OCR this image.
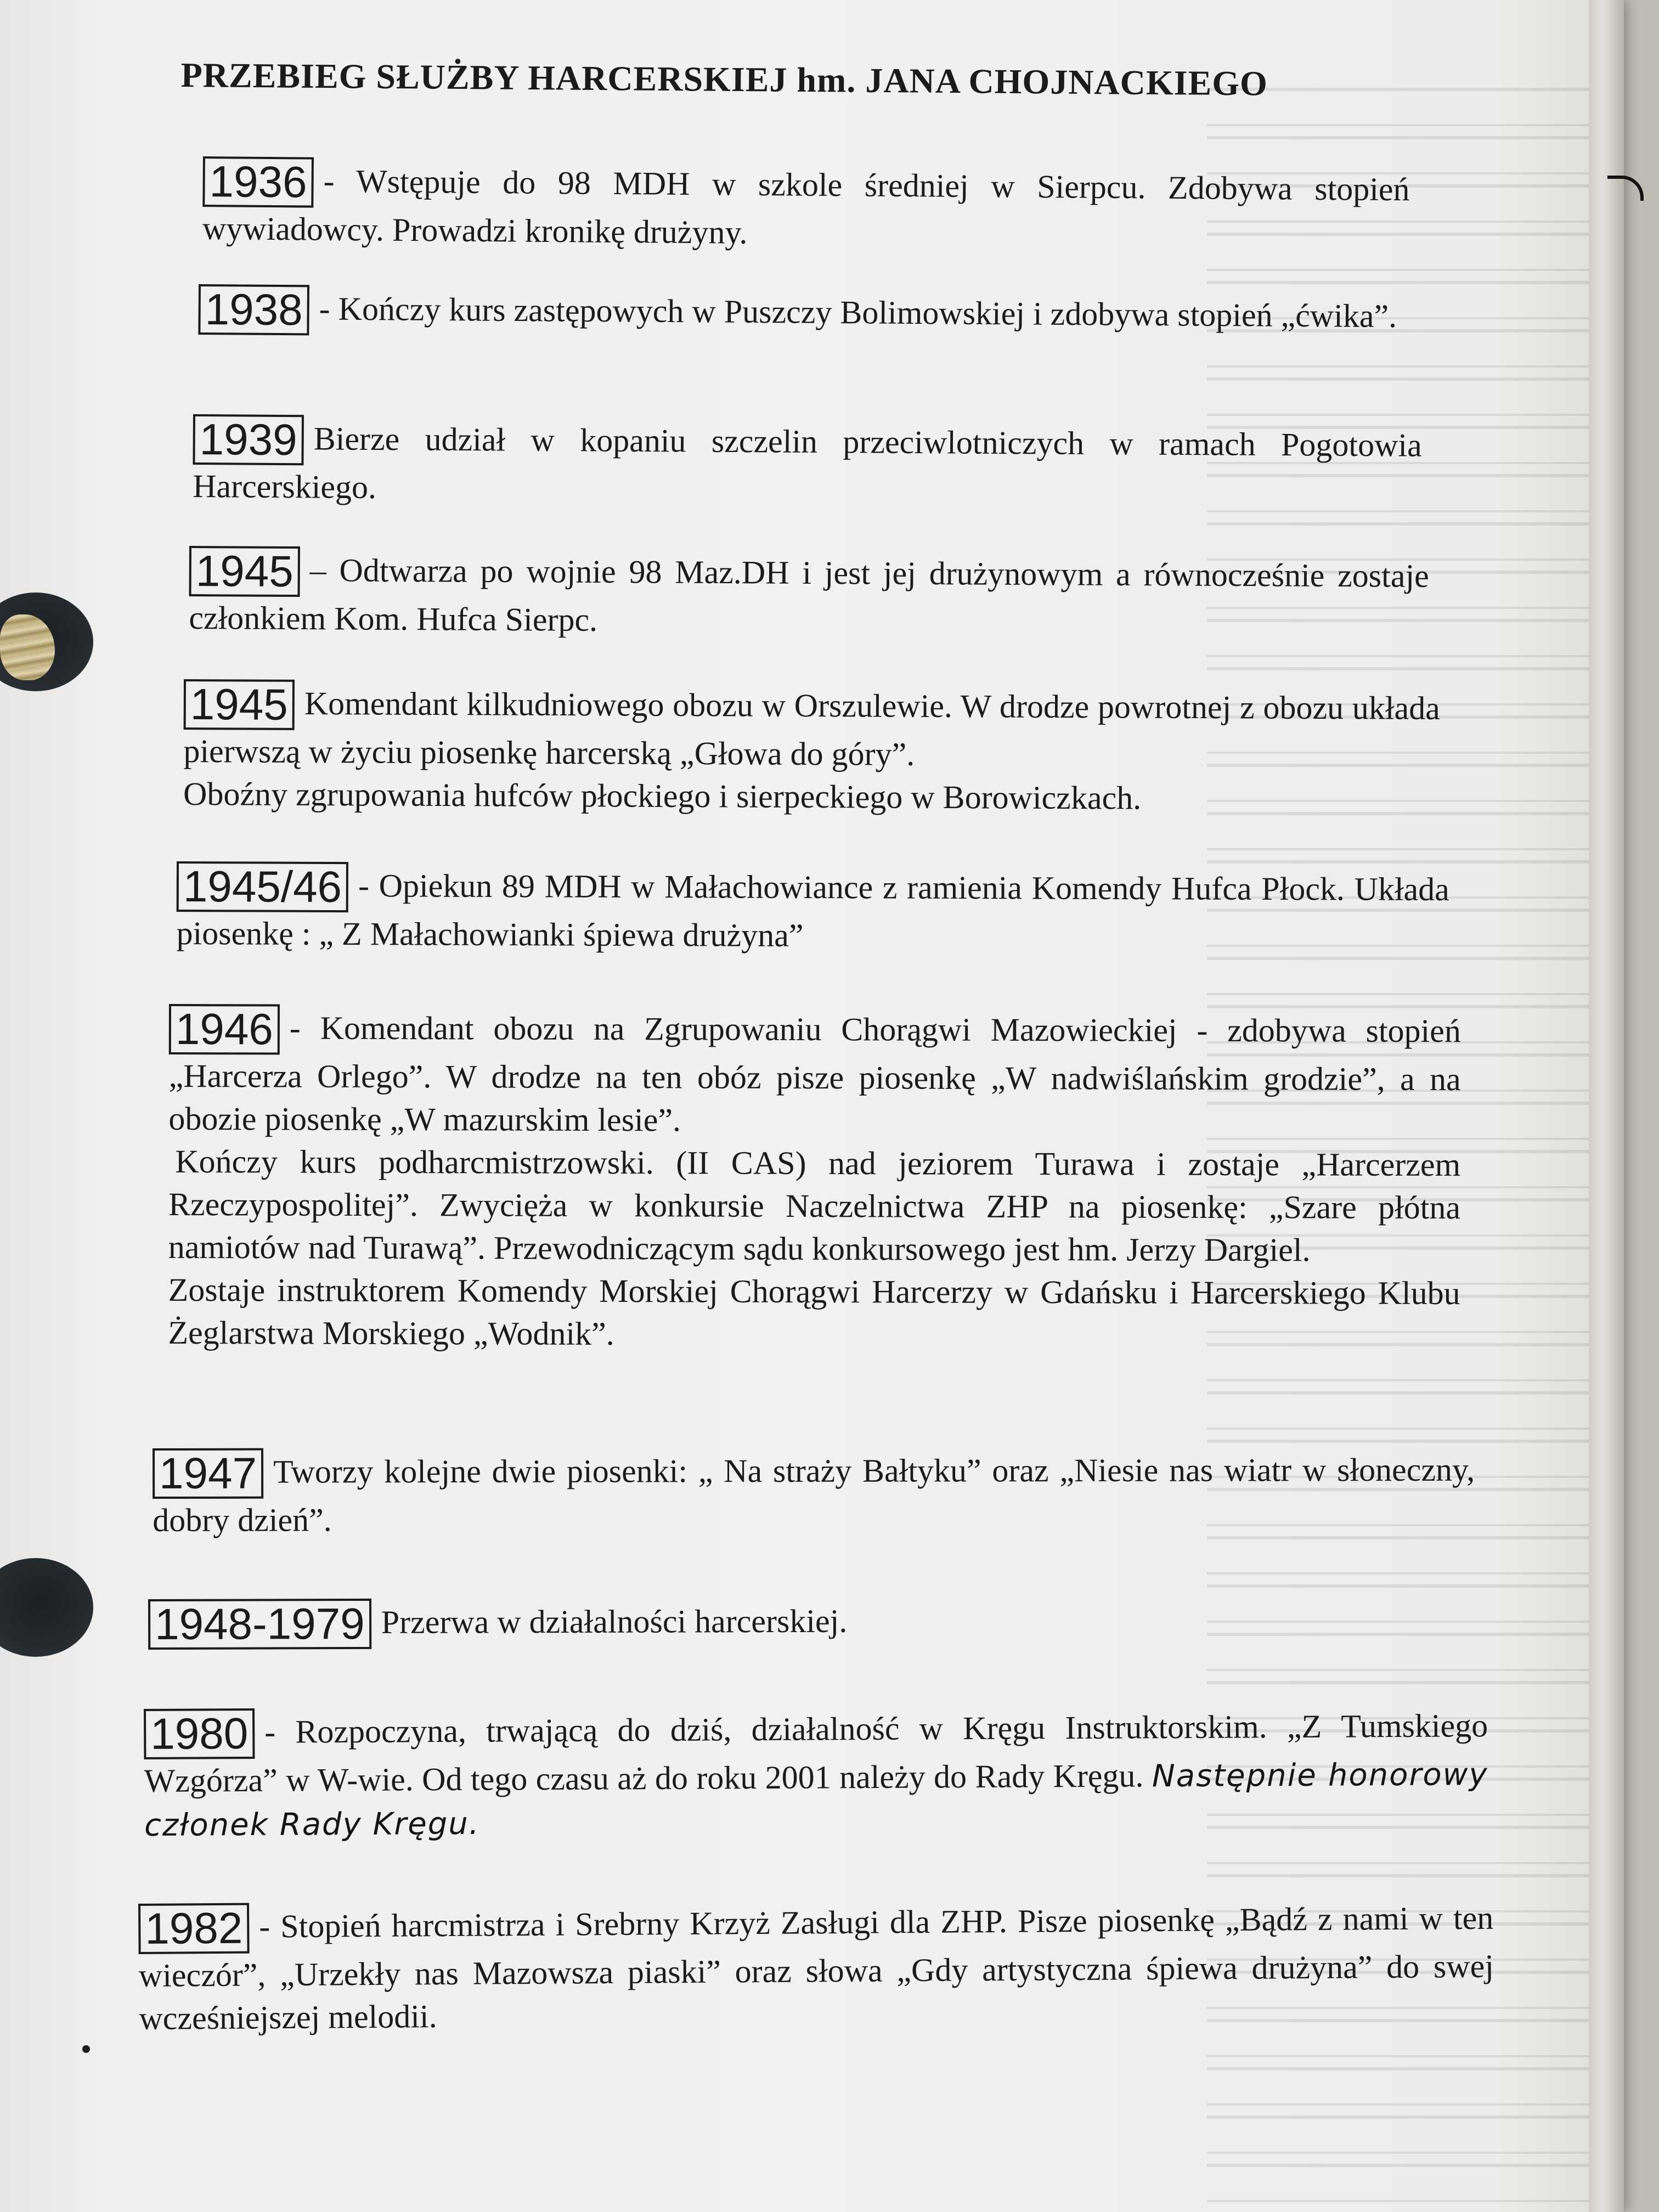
PRZEBIEG SŁUŻBY HARCERSKIEJ hm. JANA CHOJNACKIEGO

1936 - Wstępuje do 98 MDH w szkole średniej w Sierpcu. Zdobywa stopień wywiadowcy. Prowadzi kronikę drużyny.

1938 - Kończy kurs zastępowych w Puszczy Bolimowskiej i zdobywa stopień „ćwika”.

1939 Bierze udział w kopaniu szczelin przeciwlotniczych w ramach Pogotowia Harcerskiego.

1945 – Odtwarza po wojnie 98 Maz.DH i jest jej drużynowym a równocześnie zostaje członkiem Kom. Hufca Sierpc.

1945 Komendant kilkudniowego obozu w Orszulewie. W drodze powrotnej z obozu układa pierwszą w życiu piosenkę harcerską „Głowa do góry”.

Oboźny zgrupowania hufców płockiego i sierpeckiego w Borowiczkach.

1945/46 - Opiekun 89 MDH w Małachowiance z ramienia Komendy Hufca Płock. Układa piosenkę : „ Z Małachowianki śpiewa drużyna”

1946 - Komendant obozu na Zgrupowaniu Chorągwi Mazowieckiej - zdobywa stopień „Harcerza Orlego”. W drodze na ten obóz pisze piosenkę „W nadwiślańskim grodzie”, a na obozie piosenkę „W mazurskim lesie”.

Kończy kurs podharcmistrzowski. (II CAS) nad jeziorem Turawa i zostaje „Harcerzem Rzeczypospolitej”. Zwycięża w konkursie Naczelnictwa ZHP na piosenkę: „Szare płótna namiotów nad Turawą”. Przewodniczącym sądu konkursowego jest hm. Jerzy Dargiel.

Zostaje instruktorem Komendy Morskiej Chorągwi Harcerzy w Gdańsku i Harcerskiego Klubu Żeglarstwa Morskiego „Wodnik”.

1947 Tworzy kolejne dwie piosenki: „ Na straży Bałtyku” oraz „Niesie nas wiatr w słoneczny, dobry dzień”.

1948-1979 Przerwa w działalności harcerskiej.

1980 - Rozpoczyna, trwającą do dziś, działalność w Kręgu Instruktorskim. „Z Tumskiego Wzgórza” w W-wie. Od tego czasu aż do roku 2001 należy do Rady Kręgu. Następnie honorowy członek Rady Kręgu.

1982 - Stopień harcmistrza i Srebrny Krzyż Zasługi dla ZHP. Pisze piosenkę „Bądź z nami w ten wieczór”, „Urzekły nas Mazowsza piaski” oraz słowa „Gdy artystyczna śpiewa drużyna” do swej wcześniejszej melodii.
